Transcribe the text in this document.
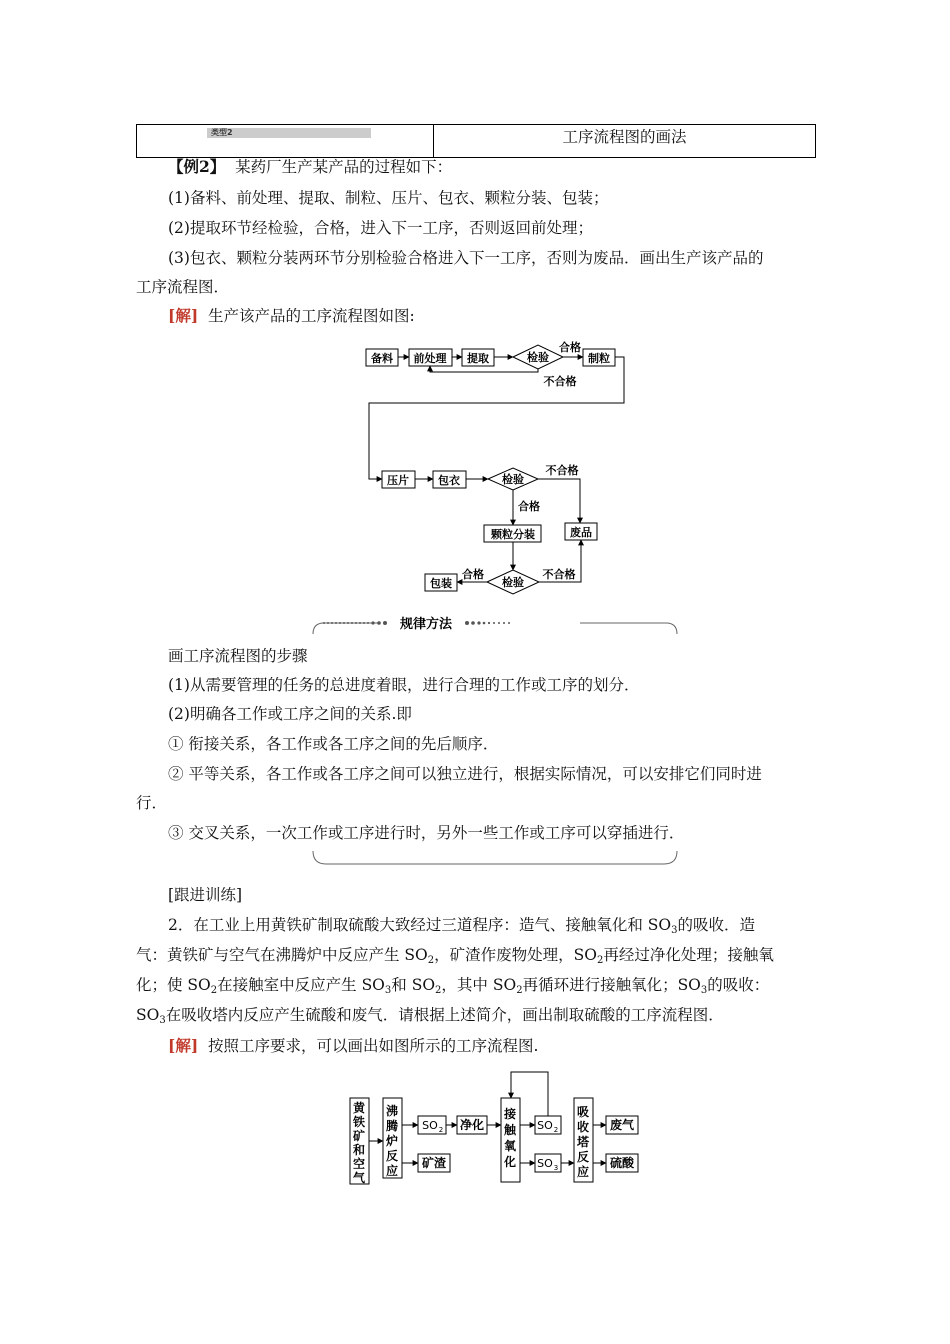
类型2	工序流程图的画法
【例2】 某药厂生产某产品的过程如下：
(1)备料、前处理、提取、制粒、压片、包衣、颗粒分装、包装；
(2)提取环节经检验，合格，进入下一工序，否则返回前处理；
(3)包衣、颗粒分装两环节分别检验合格进入下一工序，否则为废品．画出生产该产品的
工序流程图．
[解] 生产该产品的工序流程图如图:
备料 前处理 提取	检验	制粒
合格
不合格
压片	包衣	检验
不合格
合格
颗粒分装	废品
检验
不合格
合格
包装
规律方法
画工序流程图的步骤
(1)从需要管理的任务的总进度着眼，进行合理的工作或工序的划分．
(2)明确各工作或工序之间的关系.即
① 衔接关系，各工作或各工序之间的先后顺序．
② 平等关系，各工作或各工序之间可以独立进行，根据实际情况，可以安排它们同时进
行．
③ 交叉关系，一次工作或工序进行时，另外一些工作或工序可以穿插进行．
[跟进训练]
2．在工业上用黄铁矿制取硫酸大致经过三道程序：造气、接触氧化和 $SO_3$的吸收．造
气：黄铁矿与空气在沸腾炉中反应产生 $SO_2$，矿渣作废物处理，$SO_2$再经过净化处理；接触氧
化；使 $SO_2$在接触室中反应产生 $SO_3$和 $SO_2$，其中 $SO_2$再循环进行接触氧化；$SO_3$的吸收：
$SO_3$在吸收塔内反应产生硫酸和废气．请根据上述简介，画出制取硫酸的工序流程图．
[解] 按照工序要求，可以画出如图所示的工序流程图.
黄
铁
矿
和
空
气
沸
腾
炉
反
应
SO 2
矿渣
净化
接
触
氧
化
SO 2
SO 3
吸
收
塔
反
应
废气
硫酸
